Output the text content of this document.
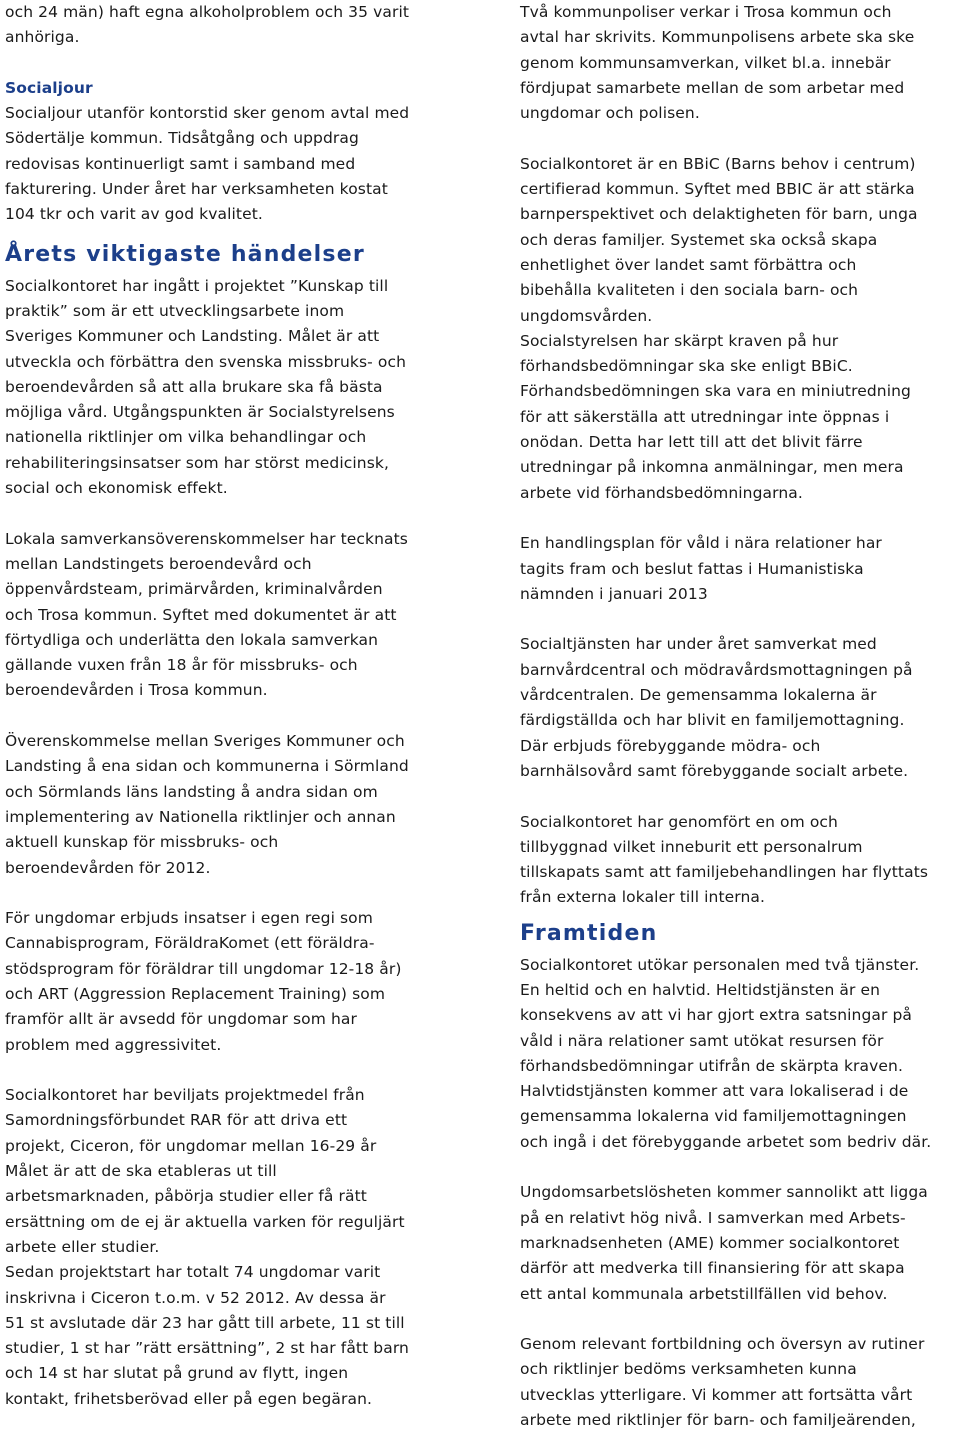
och 24 män) haft egna alkoholproblem och 35 varit
anhöriga.
Socialjour
Socialjour utanför kontorstid sker genom avtal med
Södertälje kommun. Tidsåtgång och uppdrag
redovisas kontinuerligt samt i samband med
fakturering. Under året har verksamheten kostat
104 tkr och varit av god kvalitet.
Årets viktigaste händelser
Socialkontoret har ingått i projektet ”Kunskap till
praktik” som är ett utvecklingsarbete inom
Sveriges Kommuner och Landsting. Målet är att
utveckla och förbättra den svenska missbruks- och
beroendevården så att alla brukare ska få bästa
möjliga vård. Utgångspunkten är Socialstyrelsens
nationella riktlinjer om vilka behandlingar och
rehabiliteringsinsatser som har störst medicinsk,
social och ekonomisk effekt.
Lokala samverkansöverenskommelser har tecknats
mellan Landstingets beroendevård och
öppenvårdsteam, primärvården, kriminalvården
och Trosa kommun. Syftet med dokumentet är att
förtydliga och underlätta den lokala samverkan
gällande vuxen från 18 år för missbruks- och
beroendevården i Trosa kommun.
Överenskommelse mellan Sveriges Kommuner och
Landsting å ena sidan och kommunerna i Sörmland
och Sörmlands läns landsting å andra sidan om
implementering av Nationella riktlinjer och annan
aktuell kunskap för missbruks- och
beroendevården för 2012.
För ungdomar erbjuds insatser i egen regi som
Cannabisprogram, FöräldraKomet (ett föräldra-
stödsprogram för föräldrar till ungdomar 12-18 år)
och ART (Aggression Replacement Training) som
framför allt är avsedd för ungdomar som har
problem med aggressivitet.
Socialkontoret har beviljats projektmedel från
Samordningsförbundet RAR för att driva ett
projekt, Ciceron, för ungdomar mellan 16-29 år
Målet är att de ska etableras ut till
arbetsmarknaden, påbörja studier eller få rätt
ersättning om de ej är aktuella varken för reguljärt
arbete eller studier.
Sedan projektstart har totalt 74 ungdomar varit
inskrivna i Ciceron t.o.m. v 52 2012. Av dessa är
51 st avslutade där 23 har gått till arbete, 11 st till
studier, 1 st har ”rätt ersättning”, 2 st har fått barn
och 14 st har slutat på grund av flytt, ingen
kontakt, frihetsberövad eller på egen begäran.
Två kommunpoliser verkar i Trosa kommun och
avtal har skrivits. Kommunpolisens arbete ska ske
genom kommunsamverkan, vilket bl.a. innebär
fördjupat samarbete mellan de som arbetar med
ungdomar och polisen.
Socialkontoret är en BBiC (Barns behov i centrum)
certifierad kommun. Syftet med BBIC är att stärka
barnperspektivet och delaktigheten för barn, unga
och deras familjer. Systemet ska också skapa
enhetlighet över landet samt förbättra och
bibehålla kvaliteten i den sociala barn- och
ungdomsvården.
Socialstyrelsen har skärpt kraven på hur
förhandsbedömningar ska ske enligt BBiC.
Förhandsbedömningen ska vara en miniutredning
för att säkerställa att utredningar inte öppnas i
onödan. Detta har lett till att det blivit färre
utredningar på inkomna anmälningar, men mera
arbete vid förhandsbedömningarna.
En handlingsplan för våld i nära relationer har
tagits fram och beslut fattas i Humanistiska
nämnden i januari 2013
Socialtjänsten har under året samverkat med
barnvårdcentral och mödravårdsmottagningen på
vårdcentralen. De gemensamma lokalerna är
färdigställda och har blivit en familjemottagning.
Där erbjuds förebyggande mödra- och
barnhälsovård samt förebyggande socialt arbete.
Socialkontoret har genomfört en om och
tillbyggnad vilket inneburit ett personalrum
tillskapats samt att familjebehandlingen har flyttats
från externa lokaler till interna.
Framtiden
Socialkontoret utökar personalen med två tjänster.
En heltid och en halvtid. Heltidstjänsten är en
konsekvens av att vi har gjort extra satsningar på
våld i nära relationer samt utökat resursen för
förhandsbedömningar utifrån de skärpta kraven.
Halvtidstjänsten kommer att vara lokaliserad i de
gemensamma lokalerna vid familjemottagningen
och ingå i det förebyggande arbetet som bedriv där.
Ungdomsarbetslösheten kommer sannolikt att ligga
på en relativt hög nivå. I samverkan med Arbets-
marknadsenheten (AME) kommer socialkontoret
därför att medverka till finansiering för att skapa
ett antal kommunala arbetstillfällen vid behov.
Genom relevant fortbildning och översyn av rutiner
och riktlinjer bedöms verksamheten kunna
utvecklas ytterligare. Vi kommer att fortsätta vårt
arbete med riktlinjer för barn- och familjeärenden,
